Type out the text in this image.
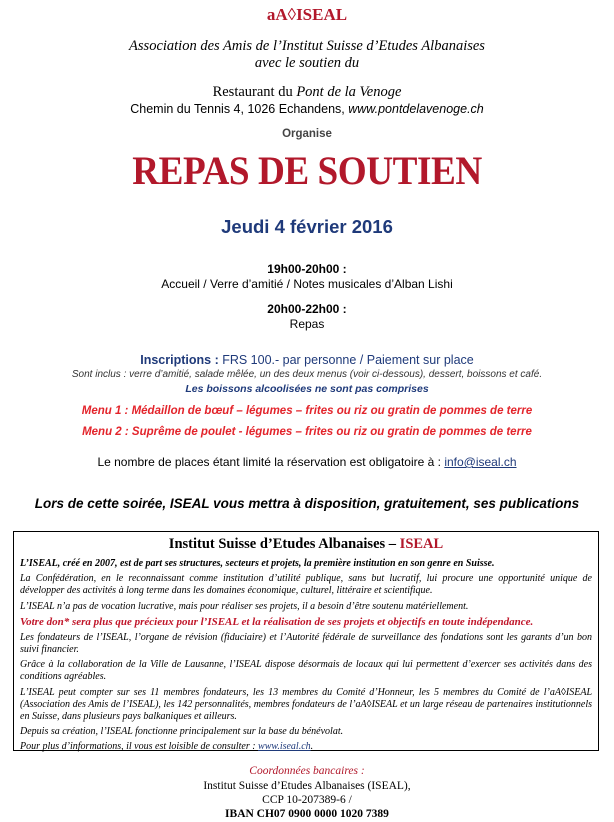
aA◊ISEAL
Association des Amis de l’Institut Suisse d’Etudes Albanaises
avec le soutien du
Restaurant du Pont de la Venoge
Chemin du Tennis 4, 1026 Echandens, www.pontdelavenoge.ch
Organise
REPAS DE SOUTIEN
Jeudi 4 février 2016
19h00-20h00 :
Accueil / Verre d’amitié / Notes musicales d’Alban Lishi
20h00-22h00 :
Repas
Inscriptions : FRS 100.- par personne / Paiement sur place
Sont inclus : verre d’amitié, salade mêlée, un des deux menus (voir ci-dessous), dessert, boissons et café.
Les boissons alcoolisées ne sont pas comprises
Menu 1 : Médaillon de bœuf – légumes – frites ou riz ou gratin de pommes de terre
Menu 2 : Suprême de poulet - légumes – frites ou riz ou gratin de pommes de terre
Le nombre de places étant limité la réservation est obligatoire à : info@iseal.ch
Lors de cette soirée, ISEAL vous mettra à disposition, gratuitement, ses publications
Institut Suisse d’Etudes Albanaises – ISEAL

L’ISEAL, créé en 2007, est de part ses structures, secteurs et projets, la première institution en son genre en Suisse.

La Confédération, en le reconnaissant comme institution d’utilité publique, sans but lucratif, lui procure une opportunité unique de développer des activités à long terme dans les domaines économique, culturel, littéraire et scientifique.

L’ISEAL n’a pas de vocation lucrative, mais pour réaliser ses projets, il a besoin d’être soutenu matériellement.

Votre don* sera plus que précieux pour l’ISEAL et la réalisation de ses projets et objectifs en toute indépendance.

Les fondateurs de l’ISEAL, l’organe de révision (fiduciaire) et l’Autorité fédérale de surveillance des fondations sont les garants d’un bon suivi financier.

Grâce à la collaboration de la Ville de Lausanne, l’ISEAL dispose désormais de locaux qui lui permettent d’exercer ses activités dans des conditions agréables.

L’ISEAL peut compter sur ses 11 membres fondateurs, les 13 membres du Comité d’Honneur, les 5 membres du Comité de l’aA◊ISEAL (Association des Amis de l’ISEAL), les 142 personnalités, membres fondateurs de l’aA◊ISEAL et un large réseau de partenaires institutionnels en Suisse, dans plusieurs pays balkaniques et ailleurs.

Depuis sa création, l’ISEAL fonctionne principalement sur la base du bénévolat.

Pour plus d’informations, il vous est loisible de consulter : www.iseal.ch.

Coordonnées bancaires :
Institut Suisse d’Etudes Albanaises (ISEAL),
CCP 10-207389-6 /
IBAN CH07 0900 0000 1020 7389
